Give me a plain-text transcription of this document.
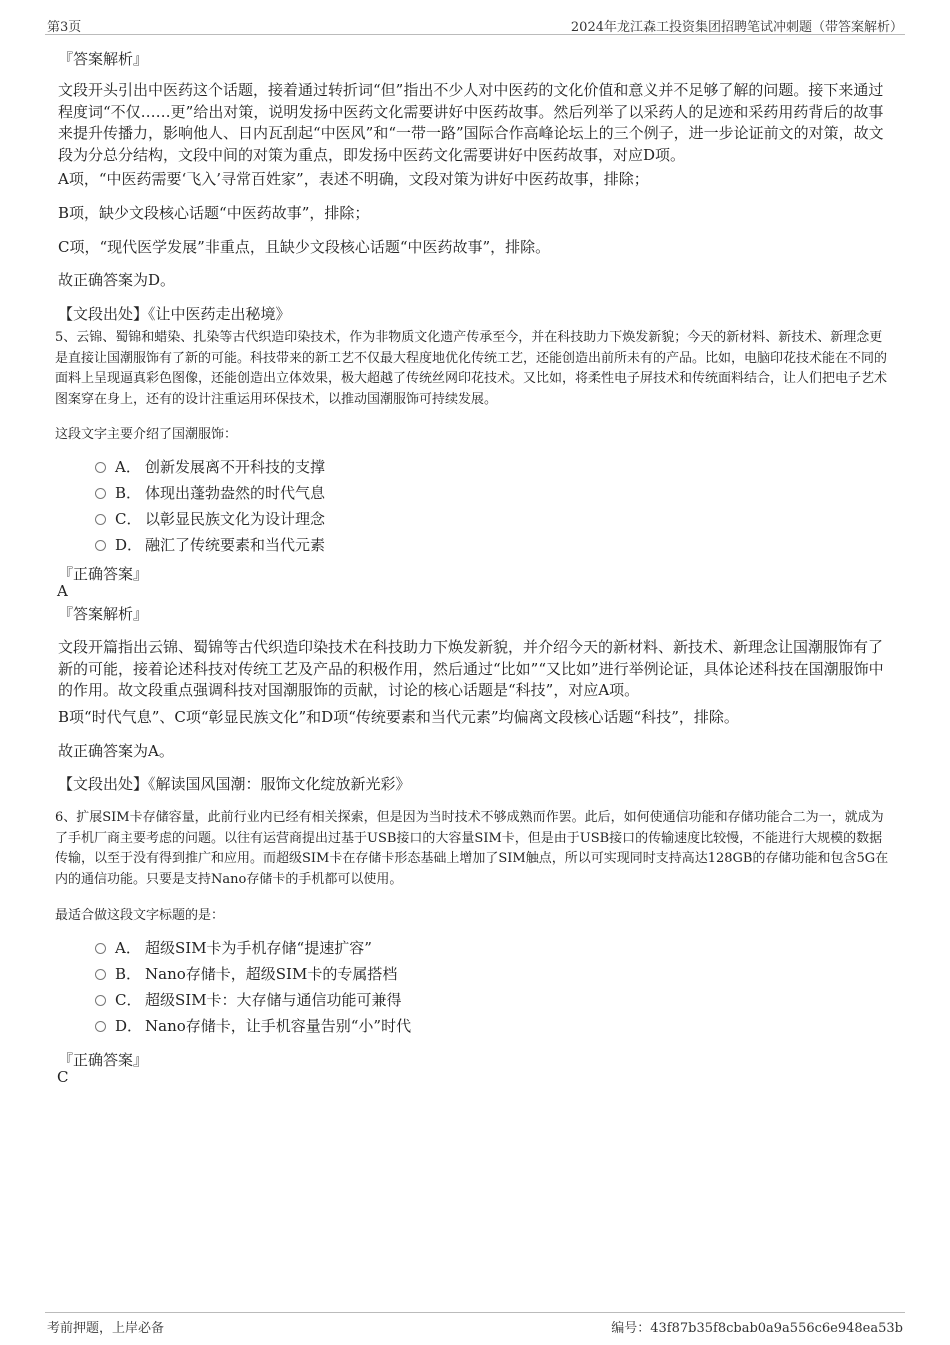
第3页	2024年龙江森工投资集团招聘笔试冲刺题（带答案解析）
『答案解析』

文段开头引出中医药这个话题，接着通过转折词“但”指出不少人对中医药的文化价值和意义并不足够了解的问题。接下来通过程度词“不仅……更”给出对策，说明发扬中医药文化需要讲好中医药故事。然后列举了以采药人的足迹和采药用药背后的故事来提升传播力，影响他人、日内瓦刮起“中医风”和“一带一路”国际合作高峰论坛上的三个例子，进一步论证前文的对策，故文段为分总分结构，文段中间的对策为重点，即发扬中医药文化需要讲好中医药故事，对应D项。

A项，“中医药需要‘飞入’寻常百姓家”，表述不明确，文段对策为讲好中医药故事，排除；
B项，缺少文段核心话题“中医药故事”，排除；
C项，“现代医学发展”非重点，且缺少文段核心话题“中医药故事”，排除。
故正确答案为D。
【文段出处】《让中医药走出秘境》

5、云锦、蜀锦和蜡染、扎染等古代织造印染技术，作为非物质文化遗产传承至今，并在科技助力下焕发新貌；今天的新材料、新技术、新理念更是直接让国潮服饰有了新的可能。科技带来的新工艺不仅最大程度地优化传统工艺，还能创造出前所未有的产品。比如，电脑印花技术能在不同的面料上呈现逼真彩色图像，还能创造出立体效果，极大超越了传统丝网印花技术。又比如，将柔性电子屏技术和传统面料结合，让人们把电子艺术图案穿在身上，还有的设计注重运用环保技术，以推动国潮服饰可持续发展。

这段文字主要介绍了国潮服饰：
A． 创新发展离不开科技的支撑
B． 体现出蓬勃盎然的时代气息
C． 以彰显民族文化为设计理念
D． 融汇了传统要素和当代元素
『正确答案』
A
『答案解析』

文段开篇指出云锦、蜀锦等古代织造印染技术在科技助力下焕发新貌，并介绍今天的新材料、新技术、新理念让国潮服饰有了新的可能，接着论述科技对传统工艺及产品的积极作用，然后通过“比如”“又比如”进行举例论证，具体论述科技在国潮服饰中的作用。故文段重点强调科技对国潮服饰的贡献，讨论的核心话题是“科技”，对应A项。

B项“时代气息”、C项“彰显民族文化”和D项“传统要素和当代元素”均偏离文段核心话题“科技”，排除。
故正确答案为A。
【文段出处】《解读国风国潮：服饰文化绽放新光彩》

6、扩展SIM卡存储容量，此前行业内已经有相关探索，但是因为当时技术不够成熟而作罢。此后，如何使通信功能和存储功能合二为一，就成为了手机厂商主要考虑的问题。以往有运营商提出过基于USB接口的大容量SIM卡，但是由于USB接口的传输速度比较慢，不能进行大规模的数据传输，以至于没有得到推广和应用。而超级SIM卡在存储卡形态基础上增加了SIM触点，所以可实现同时支持高达128GB的存储功能和包含5G在内的通信功能。只要是支持Nano存储卡的手机都可以使用。

最适合做这段文字标题的是：
A． 超级SIM卡为手机存储“提速扩容”
B． Nano存储卡，超级SIM卡的专属搭档
C． 超级SIM卡：大存储与通信功能可兼得
D． Nano存储卡，让手机容量告别“小”时代
『正确答案』
C
考前押题，上岸必备	编号：43f87b35f8cbab0a9a556c6e948ea53b
